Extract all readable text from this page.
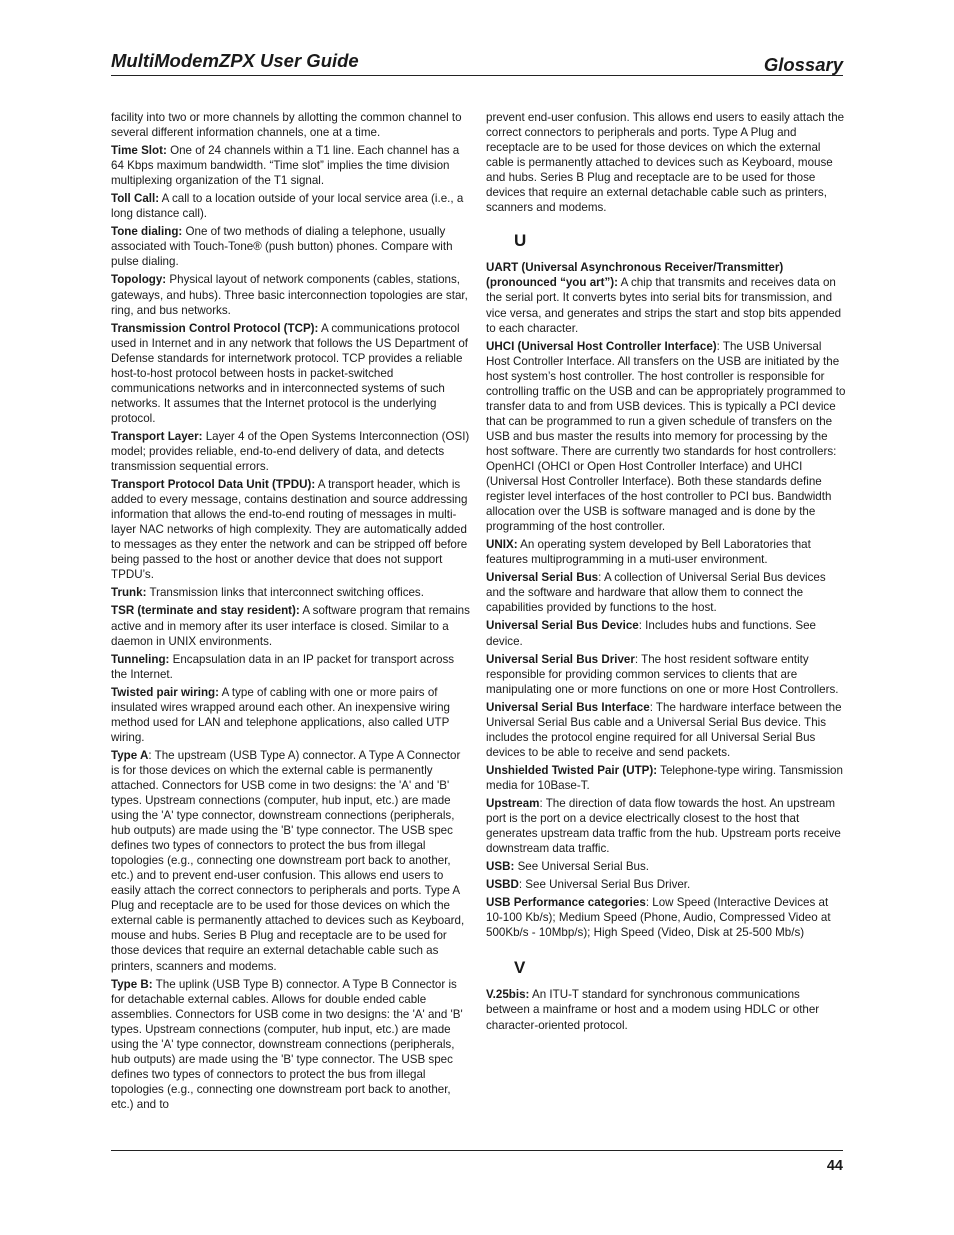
MultiModemZPX User Guide	Glossary

facility into two or more channels by allotting the common channel to several different information channels, one at a time.

Time Slot: One of 24 channels within a T1 line. Each channel has a 64 Kbps maximum bandwidth. “Time slot” implies the time division multiplexing organization of the T1 signal.

Toll Call: A call to a location outside of your local service area (i.e., a long distance call).

Tone dialing: One of two methods of dialing a telephone, usually associated with Touch-Tone® (push button) phones. Compare with pulse dialing.

Topology: Physical layout of network components (cables, stations, gateways, and hubs). Three basic interconnection topologies are star, ring, and bus networks.

Transmission Control Protocol (TCP): A communications protocol used in Internet and in any network that follows the US Department of Defense standards for internetwork protocol. TCP provides a reliable host-to-host protocol between hosts in packet-switched communications networks and in interconnected systems of such networks. It assumes that the Internet protocol is the underlying protocol.

Transport Layer: Layer 4 of the Open Systems Interconnection (OSI) model; provides reliable, end-to-end delivery of data, and detects transmission sequential errors.

Transport Protocol Data Unit (TPDU): A transport header, which is added to every message, contains destination and source addressing information that allows the end-to-end routing of messages in multi-layer NAC networks of high complexity. They are automatically added to messages as they enter the network and can be stripped off before being passed to the host or another device that does not support TPDU’s.

Trunk: Transmission links that interconnect switching offices.

TSR (terminate and stay resident): A software program that remains active and in memory after its user interface is closed. Similar to a daemon in UNIX environments.

Tunneling: Encapsulation data in an IP packet for transport across the Internet.

Twisted pair wiring: A type of cabling with one or more pairs of insulated wires wrapped around each other. An inexpensive wiring method used for LAN and telephone applications, also called UTP wiring.

Type A: The upstream (USB Type A) connector. A Type A Connector is for those devices on which the external cable is permanently attached. Connectors for USB come in two designs: the 'A' and 'B' types. Upstream connections (computer, hub input, etc.) are made using the 'A' type connector, downstream connections (peripherals, hub outputs) are made using the 'B' type connector. The USB spec defines two types of connectors to protect the bus from illegal topologies (e.g., connecting one downstream port back to another, etc.) and to prevent end-user confusion. This allows end users to easily attach the correct connectors to peripherals and ports. Type A Plug and receptacle are to be used for those devices on which the external cable is permanently attached to devices such as Keyboard, mouse and hubs. Series B Plug and receptacle are to be used for those devices that require an external detachable cable such as printers, scanners and modems.

Type B: The uplink (USB Type B) connector. A Type B Connector is for detachable external cables. Allows for double ended cable assemblies. Connectors for USB come in two designs: the 'A' and 'B' types. Upstream connections (computer, hub input, etc.) are made using the 'A' type connector, downstream connections (peripherals, hub outputs) are made using the 'B' type connector. The USB spec defines two types of connectors to protect the bus from illegal topologies (e.g., connecting one downstream port back to another, etc.) and to

prevent end-user confusion. This allows end users to easily attach the correct connectors to peripherals and ports. Type A Plug and receptacle are to be used for those devices on which the external cable is permanently attached to devices such as Keyboard, mouse and hubs. Series B Plug and receptacle are to be used for those devices that require an external detachable cable such as printers, scanners and modems.

U

UART (Universal Asynchronous Receiver/Transmitter) (pronounced “you art”): A chip that transmits and receives data on the serial port. It converts bytes into serial bits for transmission, and vice versa, and generates and strips the start and stop bits appended to each character.

UHCI (Universal Host Controller Interface): The USB Universal Host Controller Interface. All transfers on the USB are initiated by the host system’s host controller. The host controller is responsible for controlling traffic on the USB and can be appropriately programmed to transfer data to and from USB devices. This is typically a PCI device that can be programmed to run a given schedule of transfers on the USB and bus master the results into memory for processing by the host software. There are currently two standards for host controllers: OpenHCI (OHCI or Open Host Controller Interface) and UHCI (Universal Host Controller Interface). Both these standards define register level interfaces of the host controller to PCI bus. Bandwidth allocation over the USB is software managed and is done by the programming of the host controller.

UNIX: An operating system developed by Bell Laboratories that features multiprogramming in a muti-user environment.

Universal Serial Bus: A collection of Universal Serial Bus devices and the software and hardware that allow them to connect the capabilities provided by functions to the host.

Universal Serial Bus Device: Includes hubs and functions. See device.

Universal Serial Bus Driver: The host resident software entity responsible for providing common services to clients that are manipulating one or more functions on one or more Host Controllers.

Universal Serial Bus Interface: The hardware interface between the Universal Serial Bus cable and a Universal Serial Bus device. This includes the protocol engine required for all Universal Serial Bus devices to be able to receive and send packets.

Unshielded Twisted Pair (UTP): Telephone-type wiring. Tansmission media for 10Base-T.

Upstream: The direction of data flow towards the host. An upstream port is the port on a device electrically closest to the host that generates upstream data traffic from the hub. Upstream ports receive downstream data traffic.

USB: See Universal Serial Bus.

USBD: See Universal Serial Bus Driver.

USB Performance categories: Low Speed (Interactive Devices at 10-100 Kb/s); Medium Speed (Phone, Audio, Compressed Video at 500Kb/s - 10Mbp/s); High Speed (Video, Disk at 25-500 Mb/s)

V

V.25bis: An ITU-T standard for synchronous communications between a mainframe or host and a modem using HDLC or other character-oriented protocol.

44
